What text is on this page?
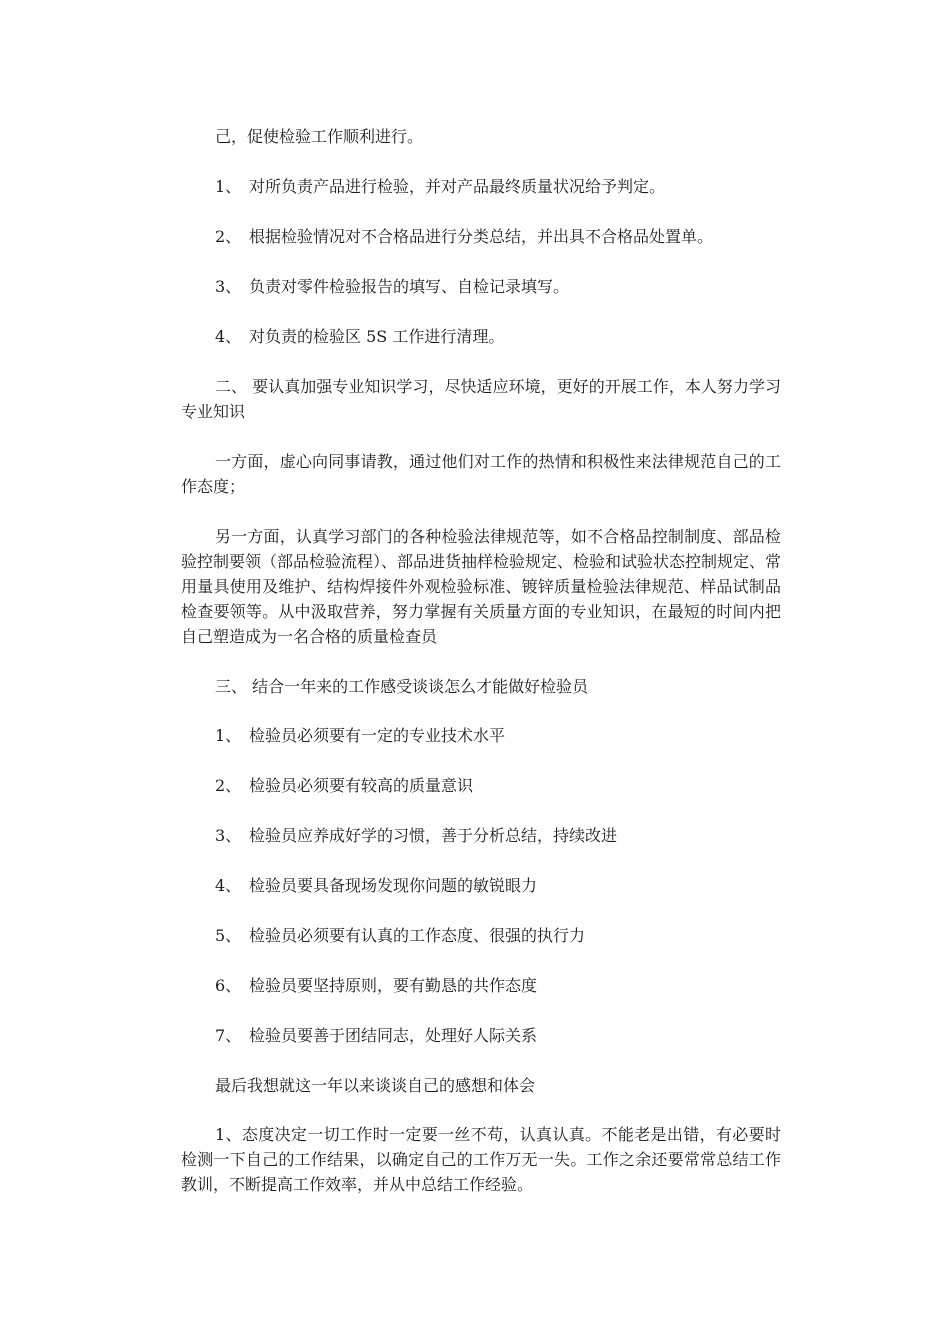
己，促使检验工作顺利进行。

1、 对所负责产品进行检验，并对产品最终质量状况给予判定。

2、 根据检验情况对不合格品进行分类总结，并出具不合格品处置单。

3、 负责对零件检验报告的填写、自检记录填写。

4、 对负责的检验区 5S 工作进行清理。

二、 要认真加强专业知识学习，尽快适应环境，更好的开展工作，本人努力学习专业知识

一方面，虚心向同事请教，通过他们对工作的热情和积极性来法律规范自己的工作态度；

另一方面，认真学习部门的各种检验法律规范等，如不合格品控制制度、部品检验控制要领（部品检验流程）、部品进货抽样检验规定、检验和试验状态控制规定、常用量具使用及维护、结构焊接件外观检验标准、镀锌质量检验法律规范、样品试制品检查要领等。从中汲取营养，努力掌握有关质量方面的专业知识，在最短的时间内把自己塑造成为一名合格的质量检查员

三、 结合一年来的工作感受谈谈怎么才能做好检验员

1、 检验员必须要有一定的专业技术水平

2、 检验员必须要有较高的质量意识

3、 检验员应养成好学的习惯，善于分析总结，持续改进

4、 检验员要具备现场发现你问题的敏锐眼力

5、 检验员必须要有认真的工作态度、很强的执行力

6、 检验员要坚持原则，要有勤恳的共作态度

7、 检验员要善于团结同志，处理好人际关系

最后我想就这一年以来谈谈自己的感想和体会

1、态度决定一切工作时一定要一丝不苟，认真认真。不能老是出错，有必要时检测一下自己的工作结果，以确定自己的工作万无一失。工作之余还要常常总结工作教训，不断提高工作效率，并从中总结工作经验。
